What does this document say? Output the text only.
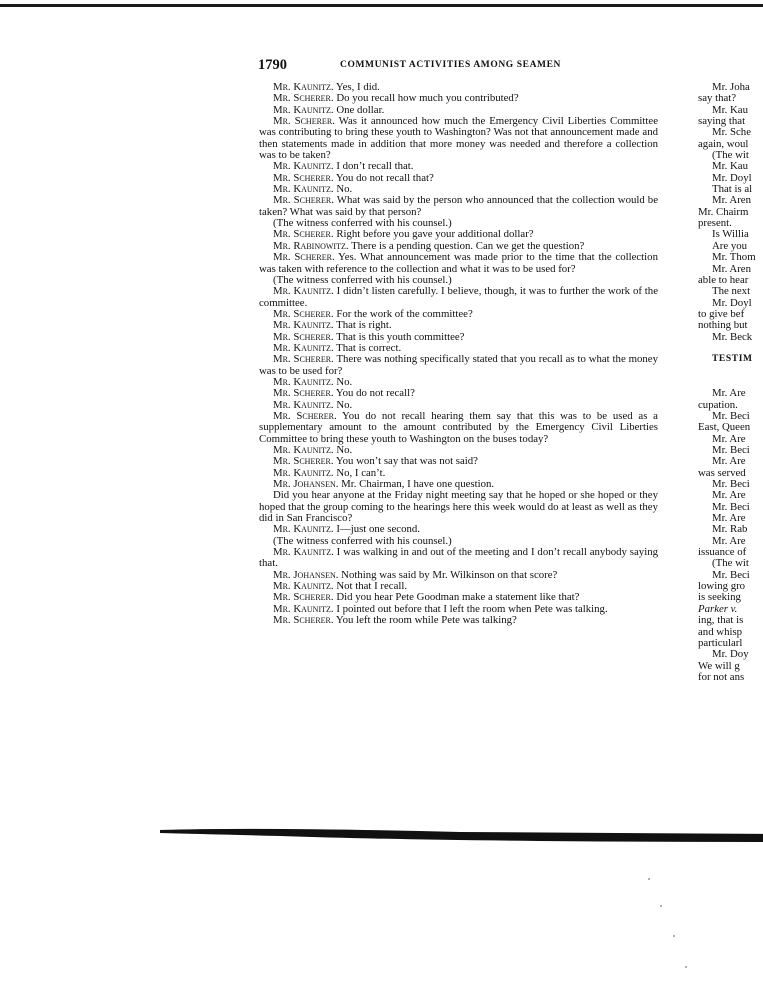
1790	COMMUNIST ACTIVITIES AMONG SEAMEN

Mr. Kaunitz. Yes, I did.

Mr. Scherer. Do you recall how much you contributed?

Mr. Kaunitz. One dollar.

Mr. Scherer. Was it announced how much the Emergency Civil Liberties Committee was contributing to bring these youth to Washington? Was not that announcement made and then statements made in addition that more money was needed and therefore a collection was to be taken?

Mr. Kaunitz. I don’t recall that.

Mr. Scherer. You do not recall that?

Mr. Kaunitz. No.

Mr. Scherer. What was said by the person who announced that the collection would be taken? What was said by that person?

(The witness conferred with his counsel.)

Mr. Scherer. Right before you gave your additional dollar?

Mr. Rabinowitz. There is a pending question. Can we get the question?

Mr. Scherer. Yes. What announcement was made prior to the time that the collection was taken with reference to the collection and what it was to be used for?

(The witness conferred with his counsel.)

Mr. Kaunitz. I didn’t listen carefully. I believe, though, it was to further the work of the committee.

Mr. Scherer. For the work of the committee?

Mr. Kaunitz. That is right.

Mr. Scherer. That is this youth committee?

Mr. Kaunitz. That is correct.

Mr. Scherer. There was nothing specifically stated that you recall as to what the money was to be used for?

Mr. Kaunitz. No.

Mr. Scherer. You do not recall?

Mr. Kaunitz. No.

Mr. Scherer. You do not recall hearing them say that this was to be used as a supplementary amount to the amount contributed by the Emergency Civil Liberties Committee to bring these youth to Washington on the buses today?

Mr. Kaunitz. No.

Mr. Scherer. You won’t say that was not said?

Mr. Kaunitz. No, I can’t.

Mr. Johansen. Mr. Chairman, I have one question.

Did you hear anyone at the Friday night meeting say that he hoped or she hoped or they hoped that the group coming to the hearings here this week would do at least as well as they did in San Francisco?

Mr. Kaunitz. I—just one second.

(The witness conferred with his counsel.)

Mr. Kaunitz. I was walking in and out of the meeting and I don’t recall anybody saying that.

Mr. Johansen. Nothing was said by Mr. Wilkinson on that score?

Mr. Kaunitz. Not that I recall.

Mr. Scherer. Did you hear Pete Goodman make a statement like that?

Mr. Kaunitz. I pointed out before that I left the room when Pete was talking.

Mr. Scherer. You left the room while Pete was talking?

Mr. Joha
say that?
Mr. Kau
saying that
Mr. Sche
again, woul
(The wit
Mr. Kau
Mr. Doyl
That is al
Mr. Aren
Mr. Chairm
present.
Is Willia
Are you
Mr. Thom
Mr. Aren
able to hear
The next
Mr. Doyl
to give bef
nothing but
Mr. Beck
TESTIM
Mr. Are
cupation.
Mr. Beci
East, Queen
Mr. Are
Mr. Beci
Mr. Are
was served
Mr. Beci
Mr. Are
Mr. Beci
Mr. Are
Mr. Rab
Mr. Are
issuance of
(The wit
Mr. Beci
lowing gro
is seeking
Parker v.
ing, that is
and whisp
particularl
Mr. Doy
We will g
for not ans
